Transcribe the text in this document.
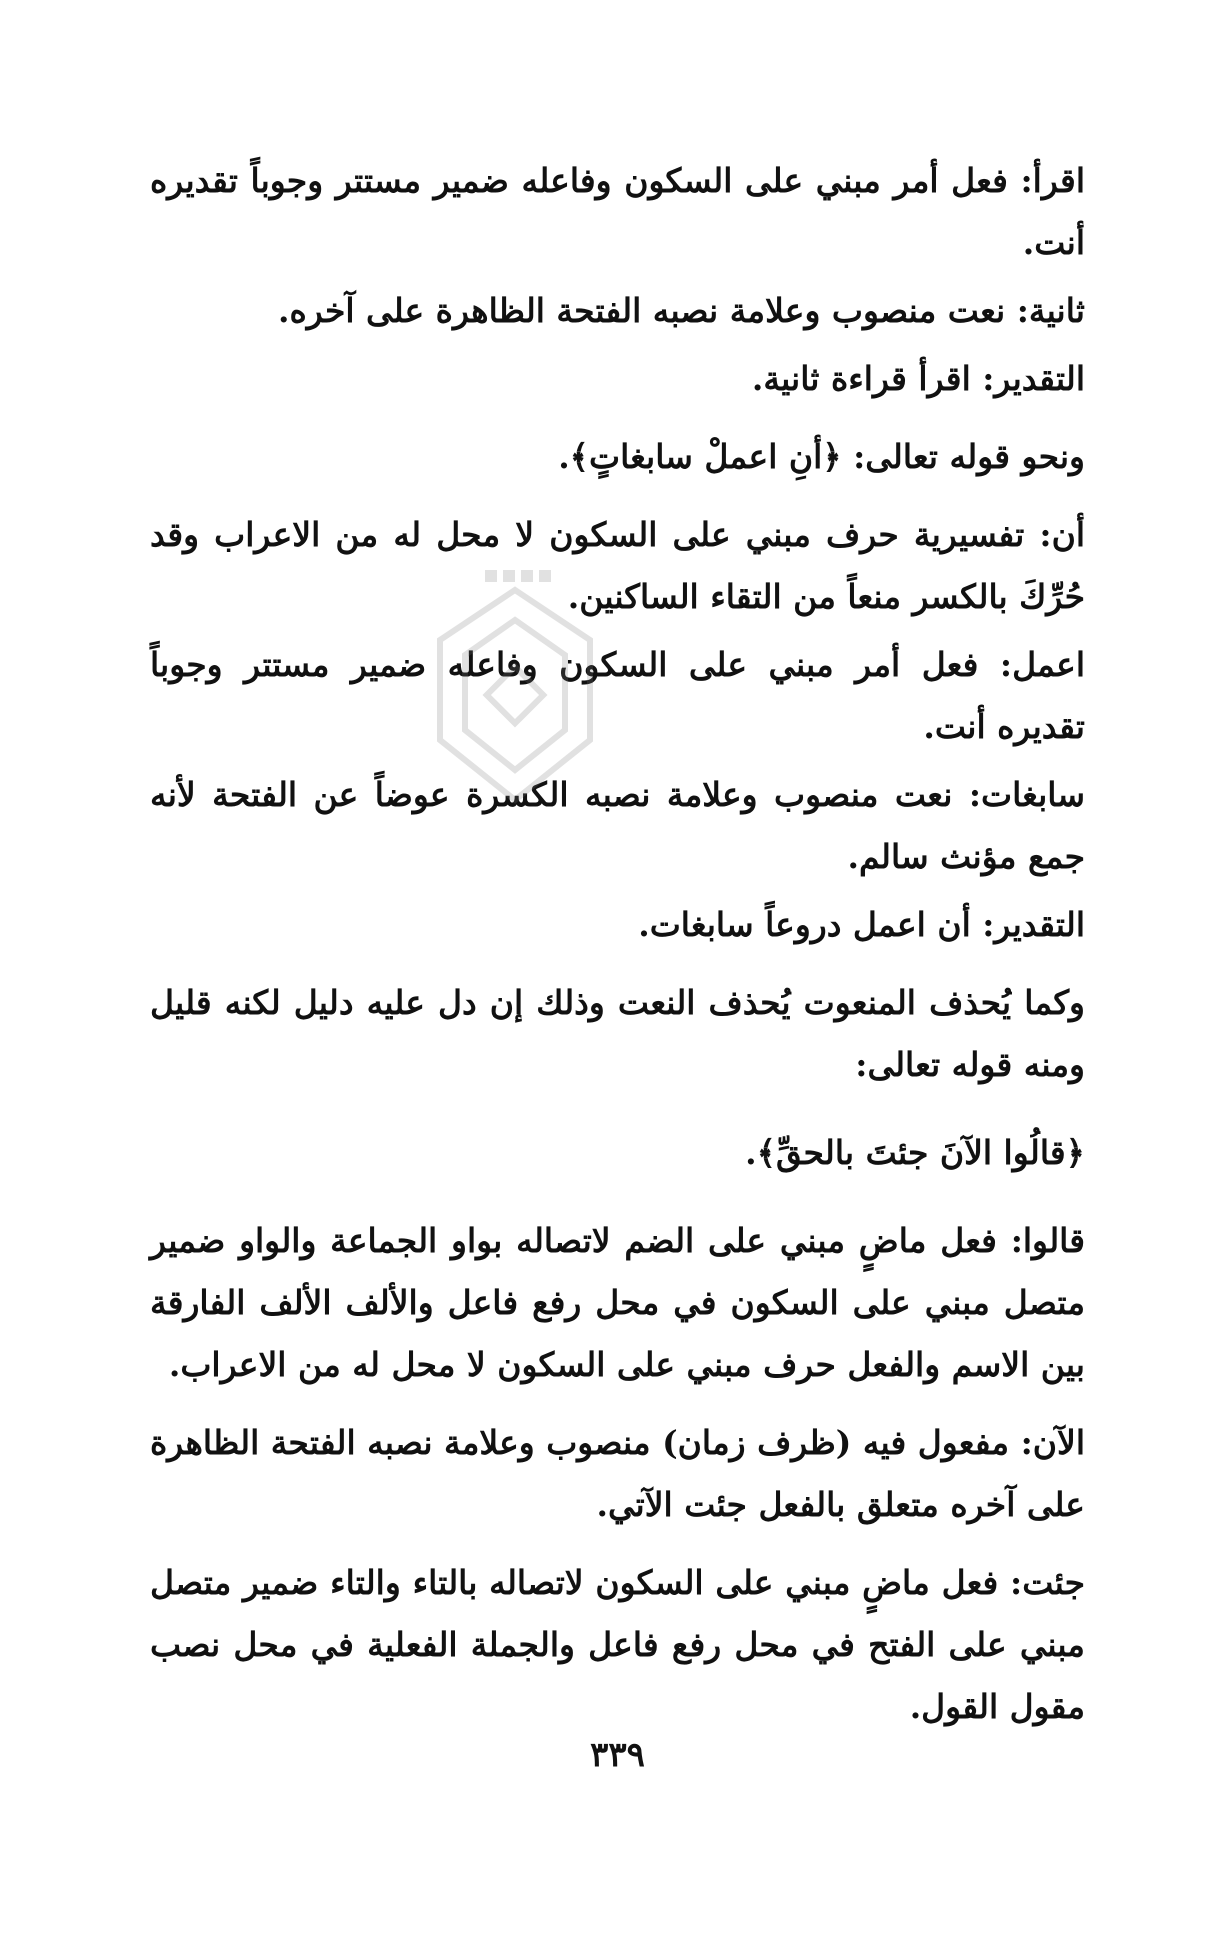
اقرأ: فعل أمر مبني على السكون وفاعله ضمير مستتر وجوباً تقديره أنت.

ثانية: نعت منصوب وعلامة نصبه الفتحة الظاهرة على آخره.

التقدير: اقرأ قراءة ثانية.

ونحو قوله تعالى: ﴿أنِ اعملْ سابغاتٍ﴾.

أن: تفسيرية حرف مبني على السكون لا محل له من الاعراب وقد حُرِّكَ بالكسر منعاً من التقاء الساكنين.

اعمل: فعل أمر مبني على السكون وفاعله ضمير مستتر وجوباً تقديره أنت.

سابغات: نعت منصوب وعلامة نصبه الكسرة عوضاً عن الفتحة لأنه جمع مؤنث سالم.

التقدير: أن اعمل دروعاً سابغات.

وكما يُحذف المنعوت يُحذف النعت وذلك إن دل عليه دليل لكنه قليل ومنه قوله تعالى:

﴿قالُوا الآنَ جئتَ بالحقِّ﴾.

قالوا: فعل ماضٍ مبني على الضم لاتصاله بواو الجماعة والواو ضمير متصل مبني على السكون في محل رفع فاعل والألف الألف الفارقة بين الاسم والفعل حرف مبني على السكون لا محل له من الاعراب.

الآن: مفعول فيه (ظرف زمان) منصوب وعلامة نصبه الفتحة الظاهرة على آخره متعلق بالفعل جئت الآتي.

جئت: فعل ماضٍ مبني على السكون لاتصاله بالتاء والتاء ضمير متصل مبني على الفتح في محل رفع فاعل والجملة الفعلية في محل نصب مقول القول.

٣٣٩
